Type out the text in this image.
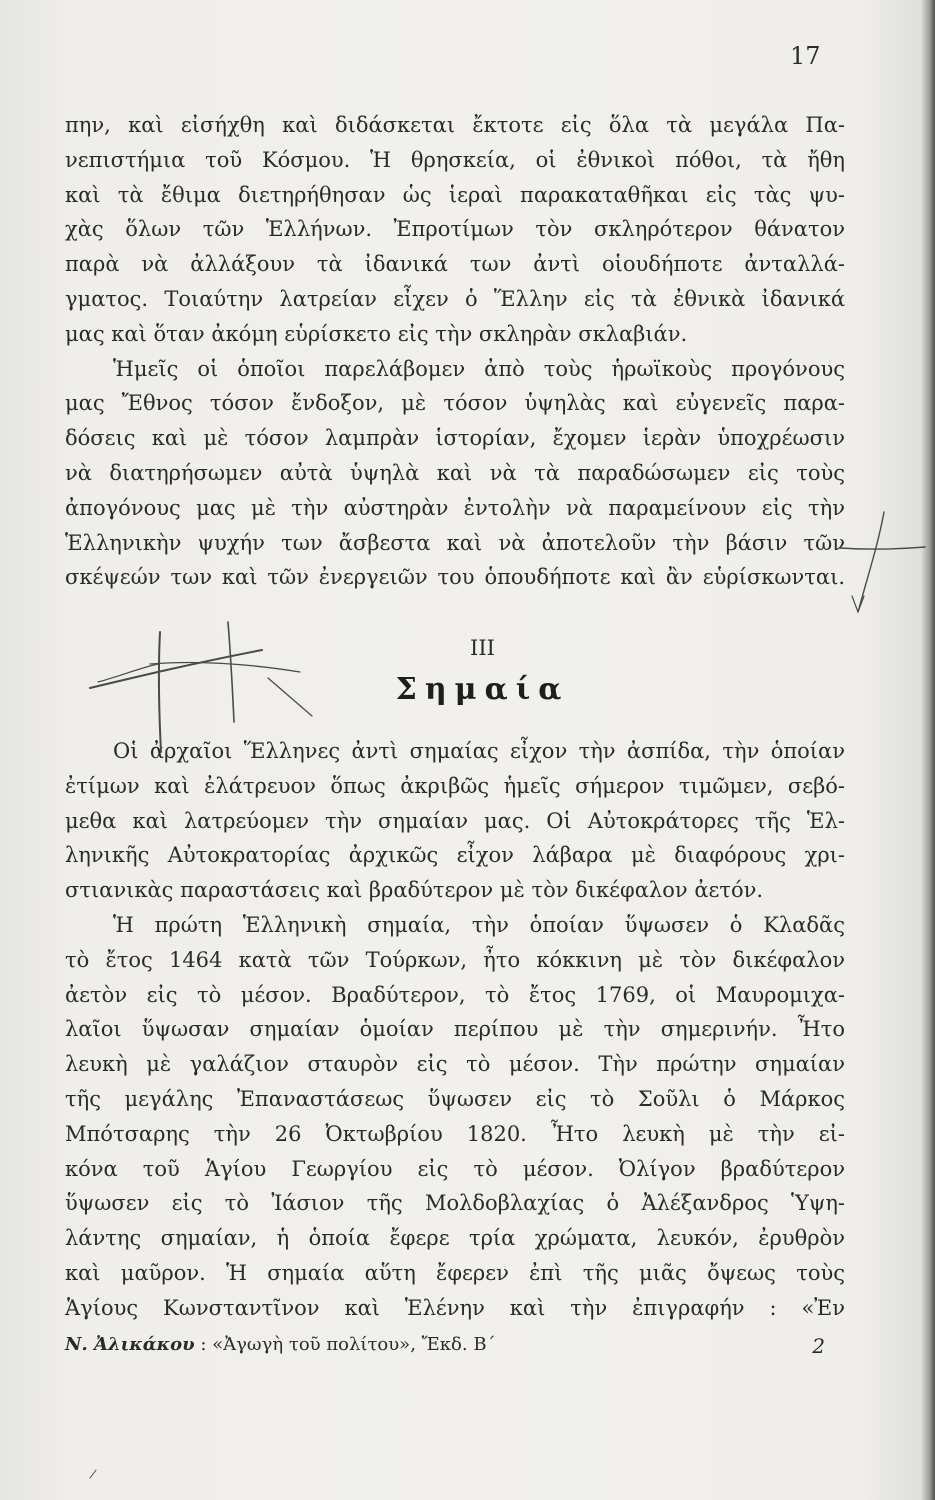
17
πην, καὶ εἰσήχθη καὶ διδάσκεται ἔκτοτε εἰς ὅλα τὰ μεγάλα Πα-
νεπιστήμια τοῦ Κόσμου. Ἡ θρησκεία, οἱ ἐθνικοὶ πόθοι, τὰ ἤθη
καὶ τὰ ἔθιμα διετηρήθησαν ὡς ἱεραὶ παρακαταθῆκαι εἰς τὰς ψυ-
χὰς ὅλων τῶν Ἑλλήνων. Ἐπροτίμων τὸν σκληρότερον θάνατον
παρὰ νὰ ἀλλάξουν τὰ ἰδανικά των ἀντὶ οἱουδήποτε ἀνταλλά-
γματος. Τοιαύτην λατρείαν εἶχεν ὁ Ἕλλην εἰς τὰ ἐθνικὰ ἰδανικά
μας καὶ ὅταν ἀκόμη εὑρίσκετο εἰς τὴν σκληρὰν σκλαβιάν.
Ἡμεῖς οἱ ὁποῖοι παρελάβομεν ἀπὸ τοὺς ἡρωϊκοὺς προγόνους
μας Ἔθνος τόσον ἔνδοξον, μὲ τόσον ὑψηλὰς καὶ εὐγενεῖς παρα-
δόσεις καὶ μὲ τόσον λαμπρὰν ἱστορίαν, ἔχομεν ἱερὰν ὑποχρέωσιν
νὰ διατηρήσωμεν αὐτὰ ὑψηλὰ καὶ νὰ τὰ παραδώσωμεν εἰς τοὺς
ἀπογόνους μας μὲ τὴν αὐστηρὰν ἐντολὴν νὰ παραμείνουν εἰς τὴν
Ἑλληνικὴν ψυχήν των ἄσβεστα καὶ νὰ ἀποτελοῦν τὴν βάσιν τῶν
σκέψεών των καὶ τῶν ἐνεργειῶν του ὁπουδήποτε καὶ ἂν εὑρίσκωνται.
III
Σημαία
Οἱ ἀρχαῖοι Ἕλληνες ἀντὶ σημαίας εἶχον τὴν ἀσπίδα, τὴν ὁποίαν
ἐτίμων καὶ ἐλάτρευον ὅπως ἀκριβῶς ἡμεῖς σήμερον τιμῶμεν, σεβό-
μεθα καὶ λατρεύομεν τὴν σημαίαν μας. Οἱ Αὐτοκράτορες τῆς Ἑλ-
ληνικῆς Αὐτοκρατορίας ἀρχικῶς εἶχον λάβαρα μὲ διαφόρους χρι-
στιανικὰς παραστάσεις καὶ βραδύτερον μὲ τὸν δικέφαλον ἀετόν.
Ἡ πρώτη Ἑλληνικὴ σημαία, τὴν ὁποίαν ὕψωσεν ὁ Κλαδᾶς
τὸ ἔτος 1464 κατὰ τῶν Τούρκων, ἦτο κόκκινη μὲ τὸν δικέφαλον
ἀετὸν εἰς τὸ μέσον. Βραδύτερον, τὸ ἔτος 1769, οἱ Μαυρομιχα-
λαῖοι ὕψωσαν σημαίαν ὁμοίαν περίπου μὲ τὴν σημερινήν. Ἦτο
λευκὴ μὲ γαλάζιον σταυρὸν εἰς τὸ μέσον. Τὴν πρώτην σημαίαν
τῆς μεγάλης Ἐπαναστάσεως ὕψωσεν εἰς τὸ Σοῦλι ὁ Μάρκος
Μπότσαρης τὴν 26 Ὀκτωβρίου 1820. Ἦτο λευκὴ μὲ τὴν εἰ-
κόνα τοῦ Ἁγίου Γεωργίου εἰς τὸ μέσον. Ὀλίγον βραδύτερον
ὕψωσεν εἰς τὸ Ἰάσιον τῆς Μολδοβλαχίας ὁ Ἀλέξανδρος Ὑψη-
λάντης σημαίαν, ἡ ὁποία ἔφερε τρία χρώματα, λευκόν, ἐρυθρὸν
καὶ μαῦρον. Ἡ σημαία αὕτη ἔφερεν ἐπὶ τῆς μιᾶς ὄψεως τοὺς
Ἁγίους Κωνσταντῖνον καὶ Ἑλένην καὶ τὴν ἐπιγραφήν : «Ἐν
Ν. Ἀλικάκου : «Ἀγωγὴ τοῦ πολίτου», Ἔκδ. Β΄	2
